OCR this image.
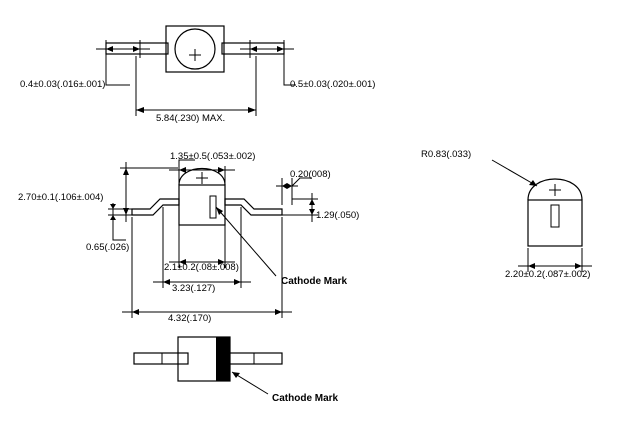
0.4±0.03(.016±.001)	0.5±0.03(.020±.001)
5.84(.230) MAX.
1.35±0.5(.053±.002)
0.20(008)
2.70±0.1(.106±.004)
1.29(.050)
0.65(.026)
2.1±0.2(.08±.008)
3.23(.127)
4.32(.170)
Cathode Mark
R0.83(.033)
2.20±0.2(.087±.002)
Cathode Mark
